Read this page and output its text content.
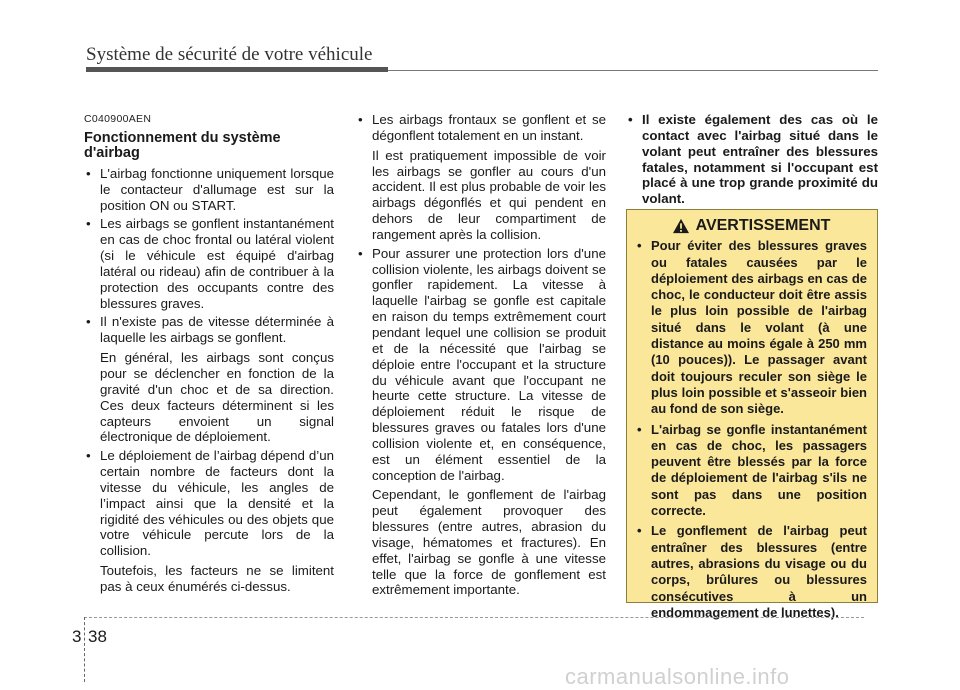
Système de sécurité de votre véhicule
C040900AEN
Fonctionnement du système d'airbag
• L'airbag fonctionne uniquement lorsque le contacteur d'allumage est sur la position ON ou START.
• Les airbags se gonflent instantanément en cas de choc frontal ou latéral violent (si le véhicule est équipé d'airbag latéral ou rideau) afin de contribuer à la protection des occupants contre des blessures graves.
• Il n'existe pas de vitesse déterminée à laquelle les airbags se gonflent.
En général, les airbags sont conçus pour se déclencher en fonction de la gravité d'un choc et de sa direction. Ces deux facteurs déterminent si les capteurs envoient un signal électronique de déploiement.
• Le déploiement de l’airbag dépend d’un certain nombre de facteurs dont la vitesse du véhicule, les angles de l’impact ainsi que la densité et la rigidité des véhicules ou des objets que votre véhicule percute lors de la collision.
Toutefois, les facteurs ne se limitent pas à ceux énumérés ci-dessus.
• Les airbags frontaux se gonflent et se dégonflent totalement en un instant.
Il est pratiquement impossible de voir les airbags se gonfler au cours d'un accident. Il est plus probable de voir les airbags dégonflés et qui pendent en dehors de leur compartiment de rangement après la collision.
• Pour assurer une protection lors d'une collision violente, les airbags doivent se gonfler rapidement. La vitesse à laquelle l'airbag se gonfle est capitale en raison du temps extrêmement court pendant lequel une collision se produit et de la nécessité que l'airbag se déploie entre l'occupant et la structure du véhicule avant que l'occupant ne heurte cette structure. La vitesse de déploiement réduit le risque de blessures graves ou fatales lors d'une collision violente et, en conséquence, est un élément essentiel de la conception de l'airbag.
Cependant, le gonflement de l'airbag peut également provoquer des blessures (entre autres, abrasion du visage, hématomes et fractures). En effet, l'airbag se gonfle à une vitesse telle que la force de gonflement est extrêmement importante.
• Il existe également des cas où le contact avec l'airbag situé dans le volant peut entraîner des blessures fatales, notamment si l'occupant est placé à une trop grande proximité du volant.
AVERTISSEMENT
• Pour éviter des blessures graves ou fatales causées par le déploiement des airbags en cas de choc, le conducteur doit être assis le plus loin possible de l'airbag situé dans le volant (à une distance au moins égale à 250 mm (10 pouces)). Le passager avant doit toujours reculer son siège le plus loin possible et s'asseoir bien au fond de son siège.
• L'airbag se gonfle instantanément en cas de choc, les passagers peuvent être blessés par la force de déploiement de l'airbag s'ils ne sont pas dans une position correcte.
• Le gonflement de l'airbag peut entraîner des blessures (entre autres, abrasions du visage ou du corps, brûlures ou blessures consécutives à un endommagement de lunettes).
3 38
carmanualsonline.info
